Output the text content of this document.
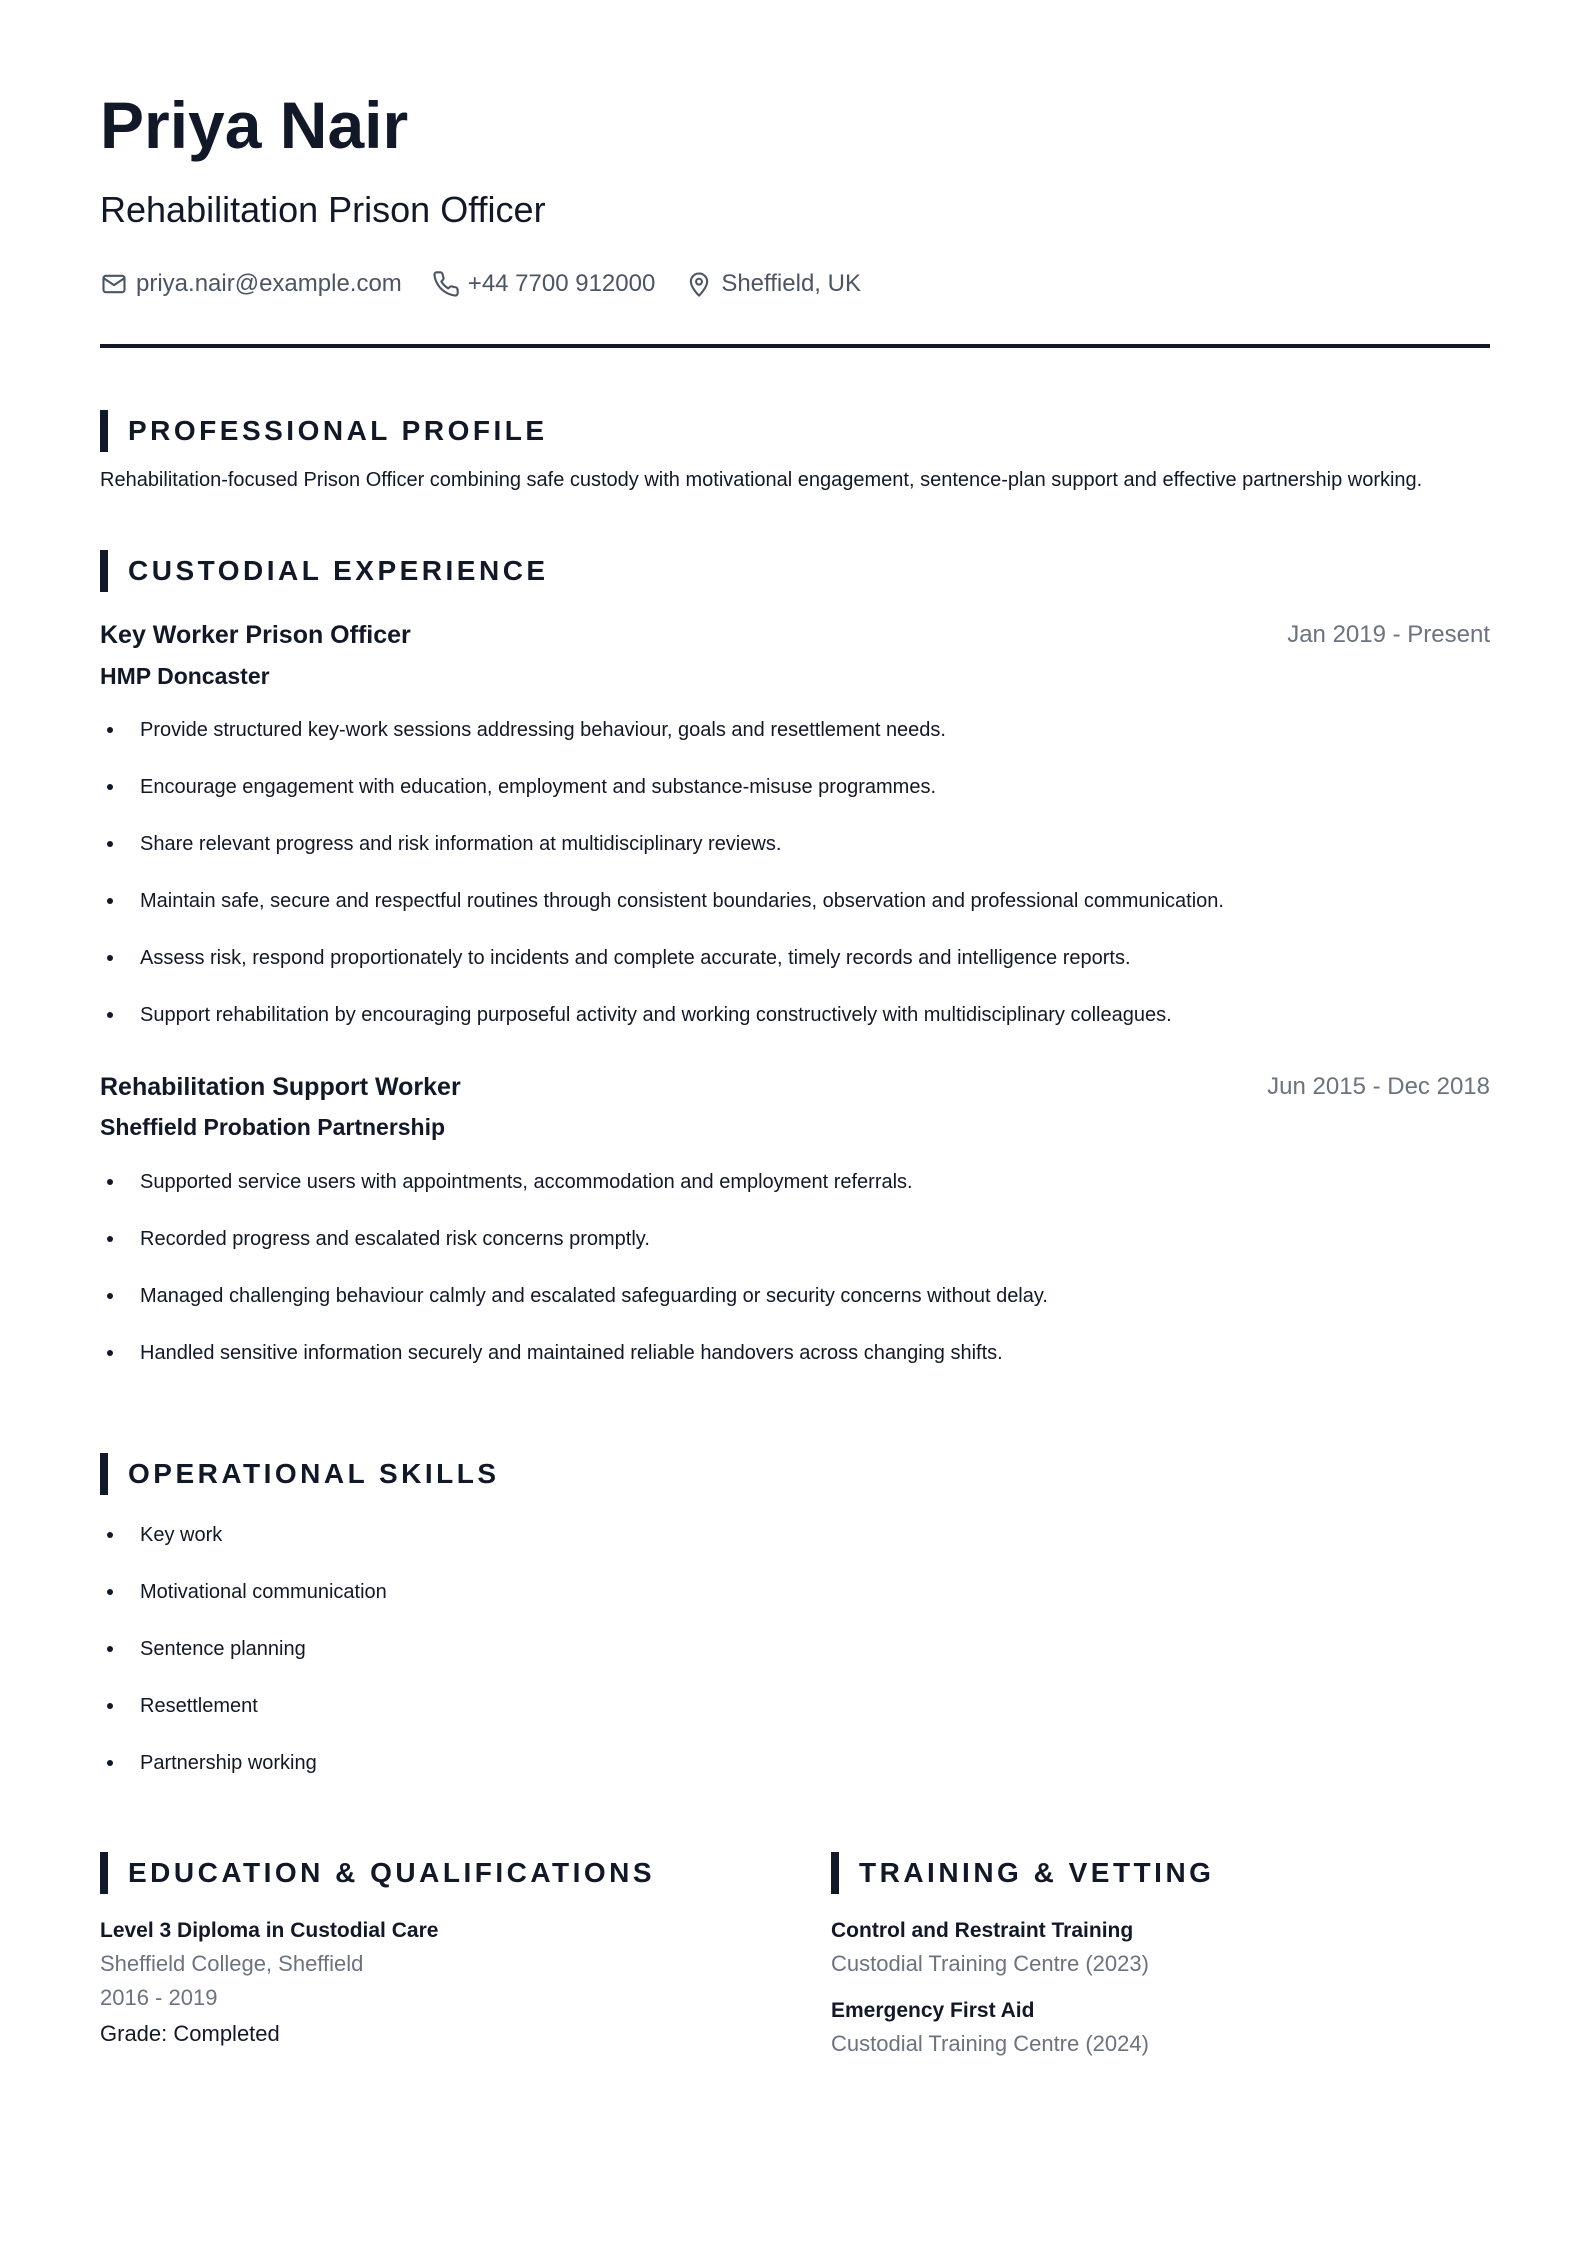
Priya Nair
Rehabilitation Prison Officer
priya.nair@example.com	+44 7700 912000	Sheffield, UK
PROFESSIONAL PROFILE
Rehabilitation-focused Prison Officer combining safe custody with motivational engagement, sentence-plan support and effective partnership working.
CUSTODIAL EXPERIENCE
Key Worker Prison Officer	Jan 2019 - Present
HMP Doncaster
Provide structured key-work sessions addressing behaviour, goals and resettlement needs.
Encourage engagement with education, employment and substance-misuse programmes.
Share relevant progress and risk information at multidisciplinary reviews.
Maintain safe, secure and respectful routines through consistent boundaries, observation and professional communication.
Assess risk, respond proportionately to incidents and complete accurate, timely records and intelligence reports.
Support rehabilitation by encouraging purposeful activity and working constructively with multidisciplinary colleagues.
Rehabilitation Support Worker	Jun 2015 - Dec 2018
Sheffield Probation Partnership
Supported service users with appointments, accommodation and employment referrals.
Recorded progress and escalated risk concerns promptly.
Managed challenging behaviour calmly and escalated safeguarding or security concerns without delay.
Handled sensitive information securely and maintained reliable handovers across changing shifts.
OPERATIONAL SKILLS
Key work
Motivational communication
Sentence planning
Resettlement
Partnership working
EDUCATION & QUALIFICATIONS
Level 3 Diploma in Custodial Care
Sheffield College, Sheffield
2016 - 2019
Grade: Completed
TRAINING & VETTING
Control and Restraint Training
Custodial Training Centre (2023)
Emergency First Aid
Custodial Training Centre (2024)
